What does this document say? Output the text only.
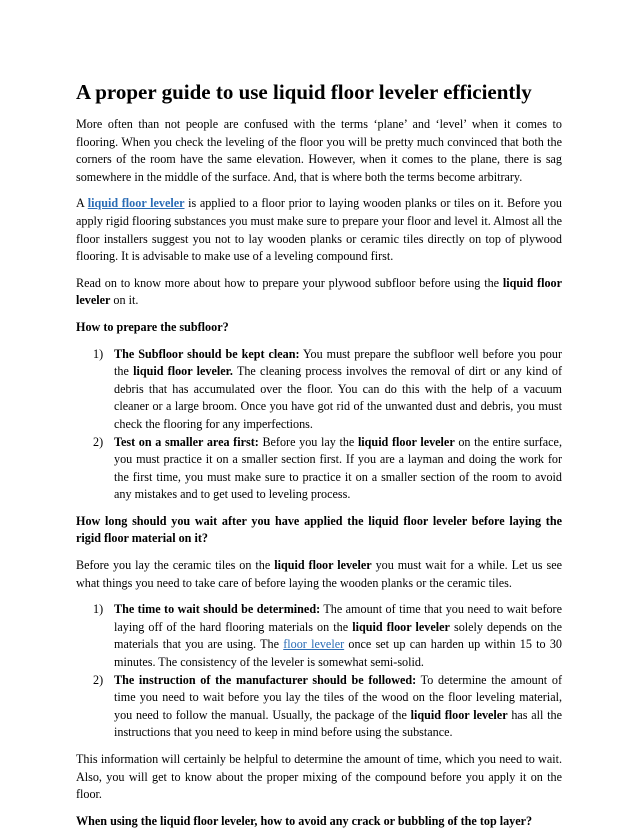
A proper guide to use liquid floor leveler efficiently

More often than not people are confused with the terms ‘plane’ and ‘level’ when it comes to flooring. When you check the leveling of the floor you will be pretty much convinced that both the corners of the room have the same elevation. However, when it comes to the plane, there is sag somewhere in the middle of the surface. And, that is where both the terms become arbitrary.

A liquid floor leveler is applied to a floor prior to laying wooden planks or tiles on it. Before you apply rigid flooring substances you must make sure to prepare your floor and level it. Almost all the floor installers suggest you not to lay wooden planks or ceramic tiles directly on top of plywood flooring. It is advisable to make use of a leveling compound first.

Read on to know more about how to prepare your plywood subfloor before using the liquid floor leveler on it.

How to prepare the subfloor?

1) The Subfloor should be kept clean: You must prepare the subfloor well before you pour the liquid floor leveler. The cleaning process involves the removal of dirt or any kind of debris that has accumulated over the floor. You can do this with the help of a vacuum cleaner or a large broom. Once you have got rid of the unwanted dust and debris, you must check the flooring for any imperfections.
2) Test on a smaller area first: Before you lay the liquid floor leveler on the entire surface, you must practice it on a smaller section first. If you are a layman and doing the work for the first time, you must make sure to practice it on a smaller section of the room to avoid any mistakes and to get used to leveling process.

How long should you wait after you have applied the liquid floor leveler before laying the rigid floor material on it?

Before you lay the ceramic tiles on the liquid floor leveler you must wait for a while. Let us see what things you need to take care of before laying the wooden planks or the ceramic tiles.

1) The time to wait should be determined: The amount of time that you need to wait before laying off of the hard flooring materials on the liquid floor leveler solely depends on the materials that you are using. The floor leveler once set up can harden up within 15 to 30 minutes. The consistency of the leveler is somewhat semi-solid.
2) The instruction of the manufacturer should be followed: To determine the amount of time you need to wait before you lay the tiles of the wood on the floor leveling material, you need to follow the manual. Usually, the package of the liquid floor leveler has all the instructions that you need to keep in mind before using the substance.

This information will certainly be helpful to determine the amount of time, which you need to wait. Also, you will get to know about the proper mixing of the compound before you apply it on the floor.

When using the liquid floor leveler, how to avoid any crack or bubbling of the top layer?
